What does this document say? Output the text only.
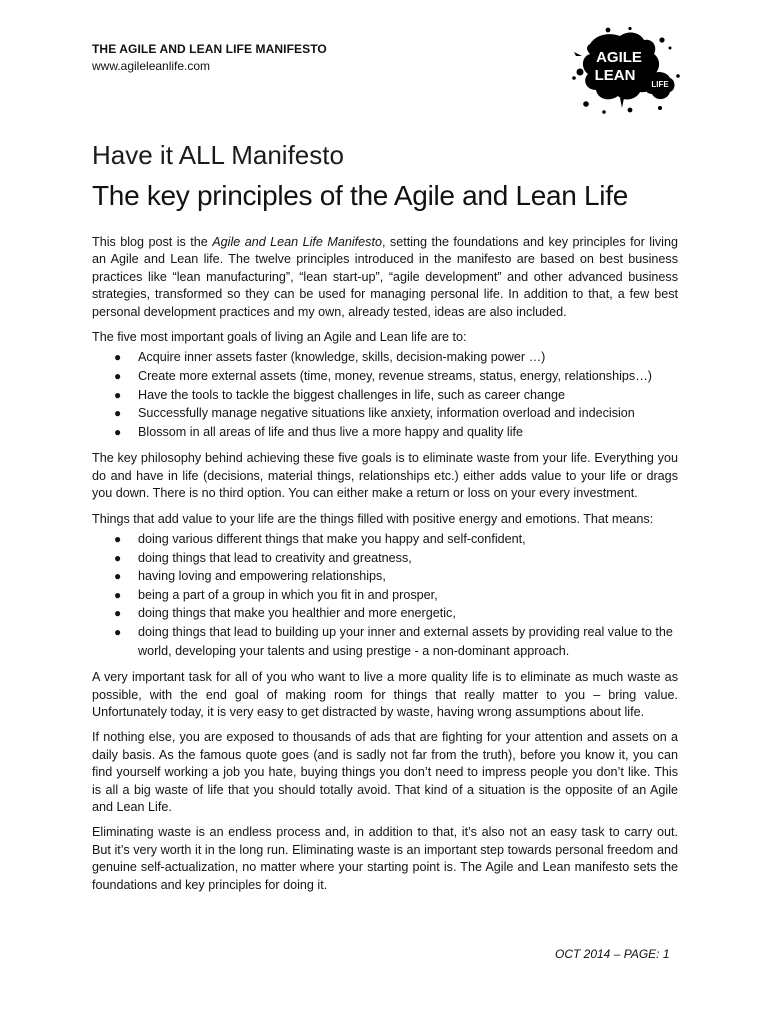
THE AGILE AND LEAN LIFE MANIFESTO
www.agileleanlife.com	AGILE
LEAN
LIFE
Have it ALL Manifesto
The key principles of the Agile and Lean Life

This blog post is the Agile and Lean Life Manifesto, setting the foundations and key principles for living an Agile and Lean life. The twelve principles introduced in the manifesto are based on best business practices like “lean manufacturing”, “lean start-up”, “agile development” and other advanced business strategies, transformed so they can be used for managing personal life. In addition to that, a few best personal development practices and my own, already tested, ideas are also included.

The five most important goals of living an Agile and Lean life are to:

● Acquire inner assets faster (knowledge, skills, decision-making power …)
● Create more external assets (time, money, revenue streams, status, energy, relationships…)
● Have the tools to tackle the biggest challenges in life, such as career change
● Successfully manage negative situations like anxiety, information overload and indecision
● Blossom in all areas of life and thus live a more happy and quality life

The key philosophy behind achieving these five goals is to eliminate waste from your life. Everything you do and have in life (decisions, material things, relationships etc.) either adds value to your life or drags you down. There is no third option. You can either make a return or loss on your every investment.

Things that add value to your life are the things filled with positive energy and emotions. That means:

● doing various different things that make you happy and self-confident,
● doing things that lead to creativity and greatness,
● having loving and empowering relationships,
● being a part of a group in which you fit in and prosper,
● doing things that make you healthier and more energetic,
● doing things that lead to building up your inner and external assets by providing real value to the world, developing your talents and using prestige - a non-dominant approach.

A very important task for all of you who want to live a more quality life is to eliminate as much waste as possible, with the end goal of making room for things that really matter to you – bring value. Unfortunately today, it is very easy to get distracted by waste, having wrong assumptions about life.

If nothing else, you are exposed to thousands of ads that are fighting for your attention and assets on a daily basis. As the famous quote goes (and is sadly not far from the truth), before you know it, you can find yourself working a job you hate, buying things you don’t need to impress people you don’t like. This is all a big waste of life that you should totally avoid. That kind of a situation is the opposite of an Agile and Lean Life.

Eliminating waste is an endless process and, in addition to that, it’s also not an easy task to carry out. But it’s very worth it in the long run. Eliminating waste is an important step towards personal freedom and genuine self-actualization, no matter where your starting point is. The Agile and Lean manifesto sets the foundations and key principles for doing it.

OCT 2014 – PAGE: 1
